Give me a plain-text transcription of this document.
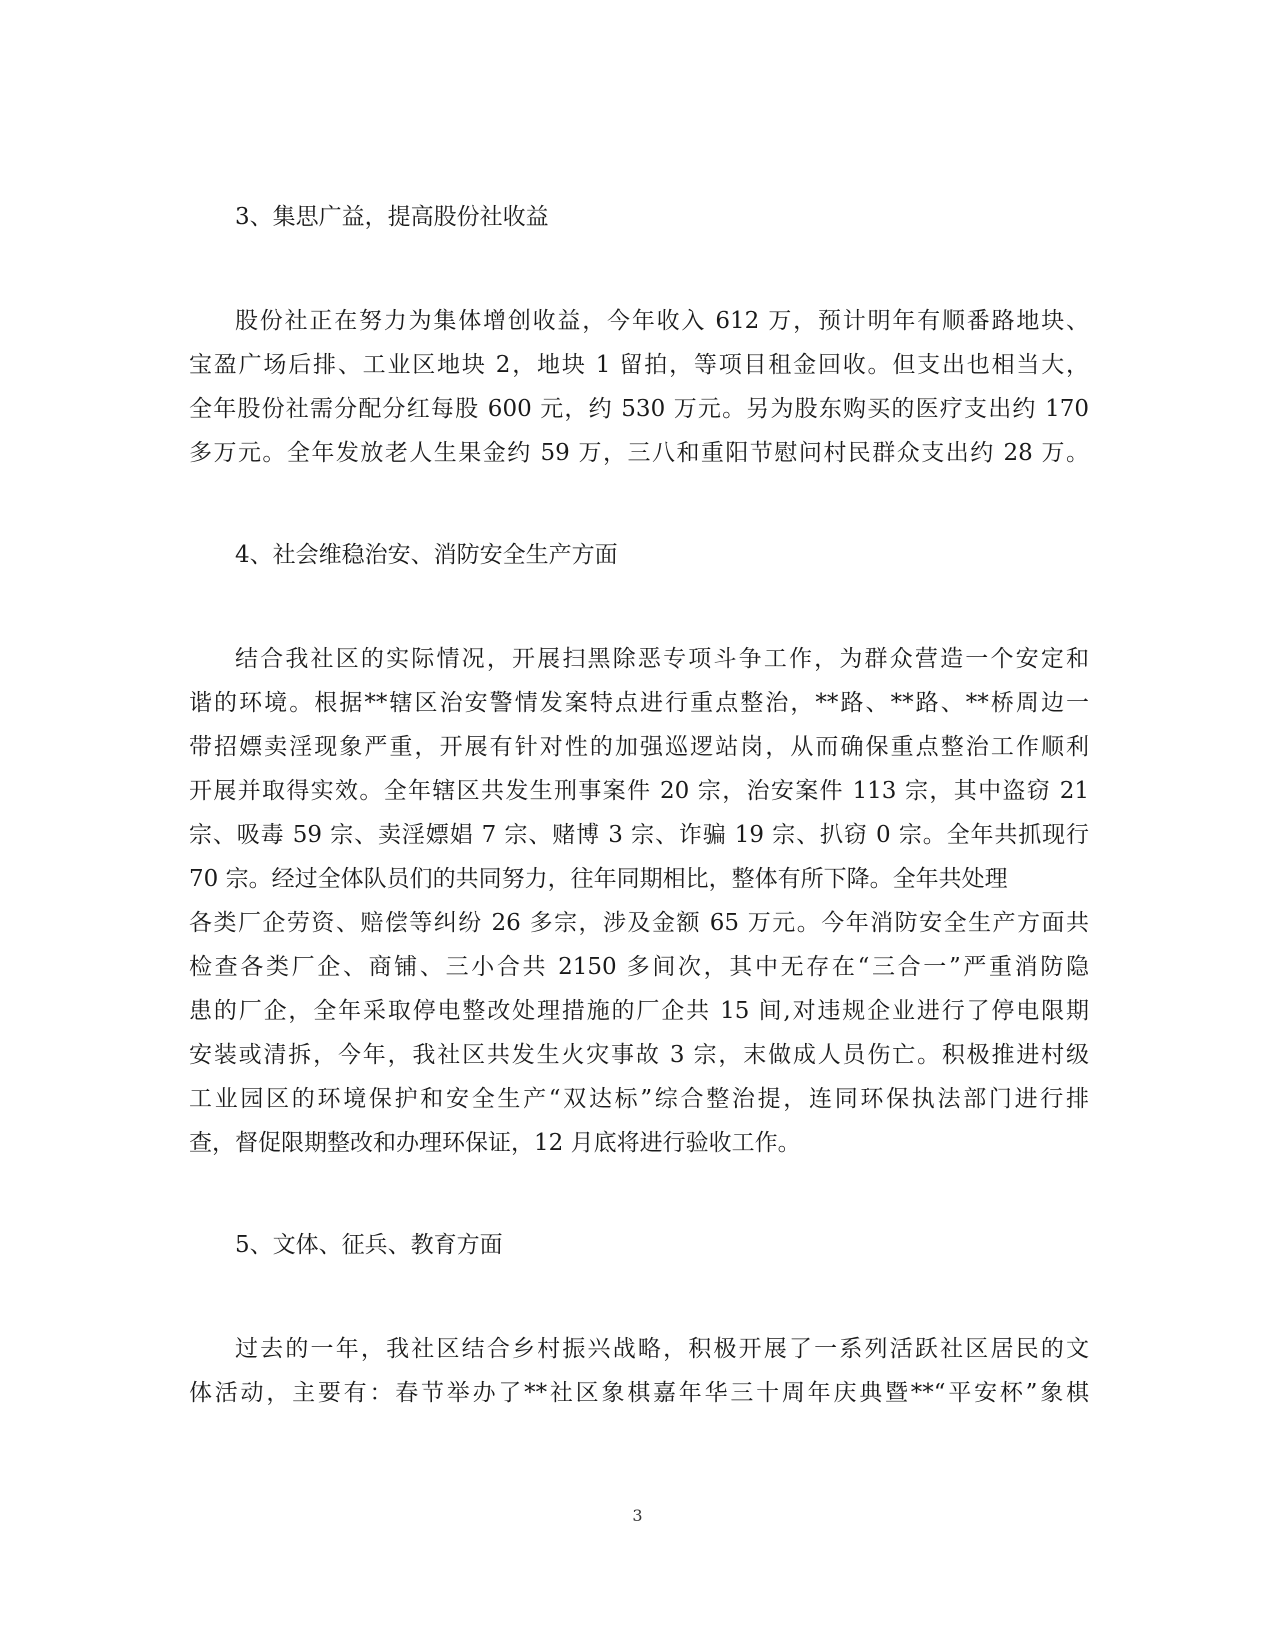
3、集思广益，提高股份社收益

股份社正在努力为集体增创收益，今年收入 612 万，预计明年有顺番路地块、
宝盈广场后排、工业区地块 2，地块 1 留拍，等项目租金回收。但支出也相当大，
全年股份社需分配分红每股 600 元，约 530 万元。另为股东购买的医疗支出约 170
多万元。全年发放老人生果金约 59 万，三八和重阳节慰问村民群众支出约 28 万。

4、社会维稳治安、消防安全生产方面

结合我社区的实际情况，开展扫黑除恶专项斗争工作，为群众营造一个安定和
谐的环境。根据**辖区治安警情发案特点进行重点整治，**路、**路、**桥周边一
带招嫖卖淫现象严重，开展有针对性的加强巡逻站岗，从而确保重点整治工作顺利
开展并取得实效。全年辖区共发生刑事案件 20 宗，治安案件 113 宗，其中盗窃 21
宗、吸毒 59 宗、卖淫嫖娼 7 宗、赌博 3 宗、诈骗 19 宗、扒窃 0 宗。全年共抓现行
70 宗。经过全体队员们的共同努力，往年同期相比，整体有所下降。全年共处理
各类厂企劳资、赔偿等纠纷 26 多宗，涉及金额 65 万元。今年消防安全生产方面共
检查各类厂企、商铺、三小合共 2150 多间次，其中无存在“三合一”严重消防隐
患的厂企，全年采取停电整改处理措施的厂企共 15 间,对违规企业进行了停电限期
安装或清拆，今年，我社区共发生火灾事故 3 宗，末做成人员伤亡。积极推进村级
工业园区的环境保护和安全生产“双达标”综合整治提，连同环保执法部门进行排
查，督促限期整改和办理环保证，12 月底将进行验收工作。

5、文体、征兵、教育方面

过去的一年，我社区结合乡村振兴战略，积极开展了一系列活跃社区居民的文
体活动，主要有：春节举办了**社区象棋嘉年华三十周年庆典暨**“平安杯”象棋
3
